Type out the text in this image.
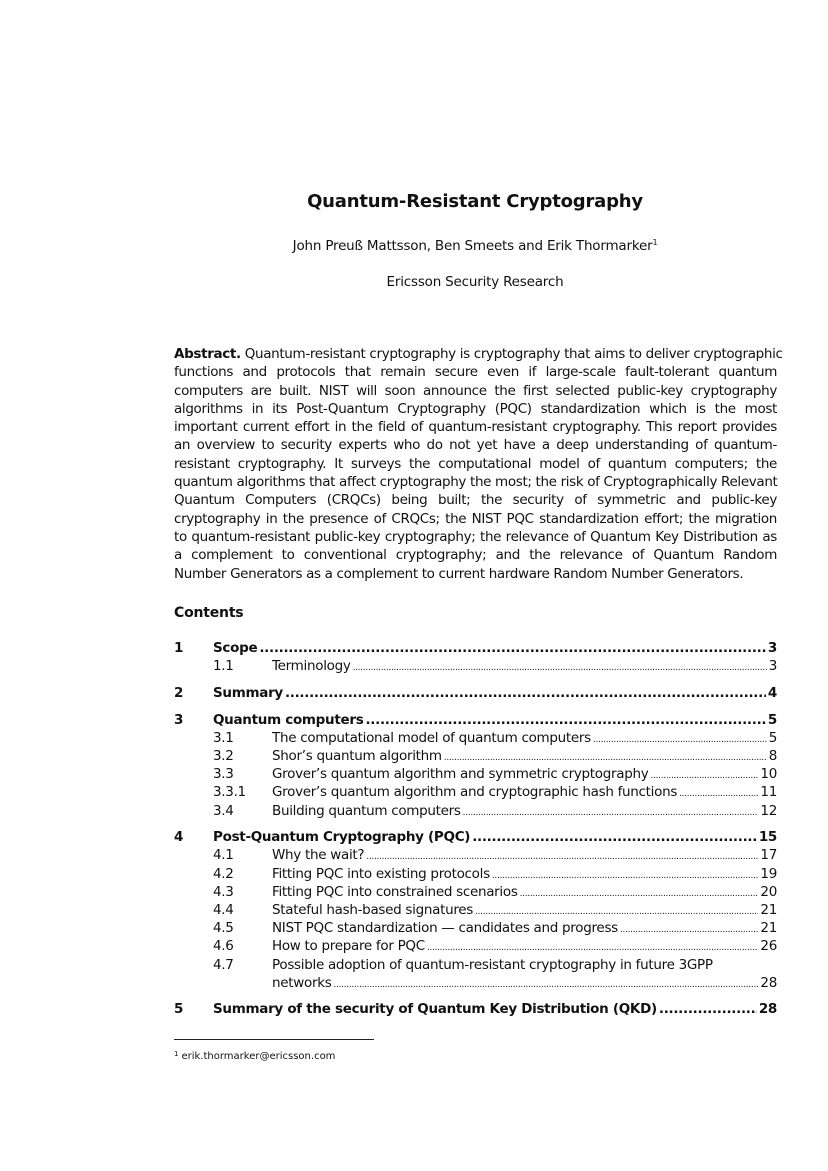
Quantum-Resistant Cryptography
John Preuß Mattsson, Ben Smeets and Erik Thormarker$^1$
Ericsson Security Research
Abstract. Quantum-resistant cryptography is cryptography that aims to deliver cryptographic
functions and protocols that remain secure even if large-scale fault-tolerant quantum
computers are built. NIST will soon announce the first selected public-key cryptography
algorithms in its Post-Quantum Cryptography (PQC) standardization which is the most
important current effort in the field of quantum-resistant cryptography. This report provides
an overview to security experts who do not yet have a deep understanding of quantum-
resistant cryptography. It surveys the computational model of quantum computers; the
quantum algorithms that affect cryptography the most; the risk of Cryptographically Relevant
Quantum Computers (CRQCs) being built; the security of symmetric and public-key
cryptography in the presence of CRQCs; the NIST PQC standardization effort; the migration
to quantum-resistant public-key cryptography; the relevance of Quantum Key Distribution as
a complement to conventional cryptography; and the relevance of Quantum Random
Number Generators as a complement to current hardware Random Number Generators.
Contents
1 Scope .....	3
1.1	Terminology .....	3
2 Summary .....	4
3 Quantum computers .....	5
3.1	The computational model of quantum computers .....	5
3.2	Shor’s quantum algorithm .....	8
3.3	Grover’s quantum algorithm and symmetric cryptography .....	10
3.3.1 Grover’s quantum algorithm and cryptographic hash functions .....	11
3.4	Building quantum computers .....	12
4 Post-Quantum Cryptography (PQC) .....	15
4.1	Why the wait? .....	17
4.2	Fitting PQC into existing protocols .....	19
4.3	Fitting PQC into constrained scenarios .....	20
4.4	Stateful hash-based signatures .....	21
4.5	NIST PQC standardization — candidates and progress .....	21
4.6	How to prepare for PQC .....	26
4.7	Possible adoption of quantum-resistant cryptography in future 3GPP
networks .....	28
5 Summary of the security of Quantum Key Distribution (QKD) .....	28
$^1$ erik.thormarker@ericsson.com
